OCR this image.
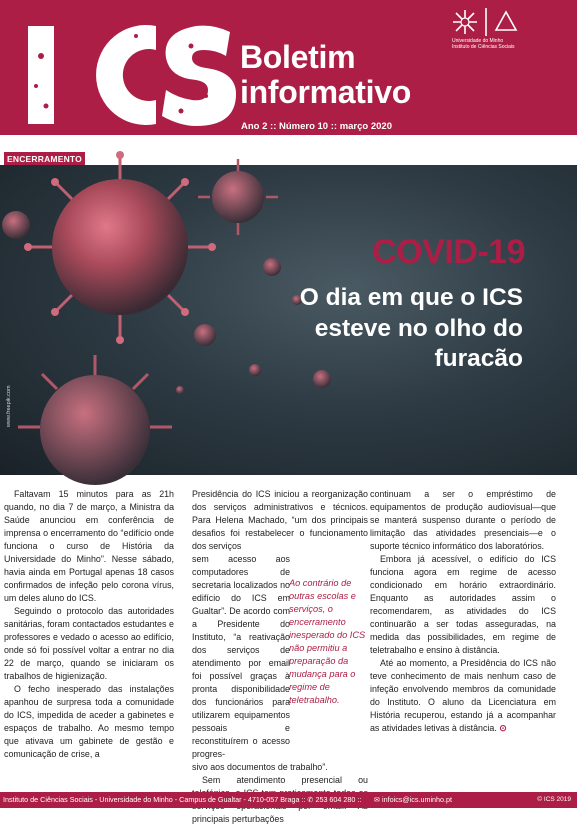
ICS
Boletim
informativo
Ano 2 :: Número 10 :: março 2020
Universidade do Minho
Instituto de Ciências Sociais
ENCERRAMENTO
COVID-19
O dia em que o ICS esteve no olho do furacão
www.freepik.com

Faltavam 15 minutos para as 21h quando, no dia 7 de março, a Ministra da Saúde anunciou em conferência de imprensa o encerramento do “edifício onde funciona o curso de História da Universidade do Minho”. Nesse sábado, havia ainda em Portugal apenas 18 casos confirmados de infeção pelo corona vírus, um deles aluno do ICS.

Seguindo o protocolo das autoridades sanitárias, foram contactados estudantes e professores e vedado o acesso ao edifício, onde só foi possível voltar a entrar no dia 22 de março, quando se iniciaram os trabalhos de higienização.

O fecho inesperado das instalações apanhou de surpresa toda a comunidade do ICS, impedida de aceder a gabinetes e espaços de trabalho. Ao mesmo tempo que ativava um gabinete de gestão e comunicação de crise, a

Presidência do ICS iniciou a reorganização dos serviços administrativos e técnicos. Para Helena Machado, “um dos principais desafios foi restabelecer o funcionamento dos serviços

sem acesso aos computadores de secretaria localizados no edifício do ICS em Gualtar”. De acordo com a Presidente do Instituto, “a reativação dos serviços de atendimento por email foi possível graças à pronta disponibilidade dos funcionários para utilizarem equipamentos pessoais e reconstituírem o acesso progres-

sivo aos documentos de trabalho”.

Sem atendimento presencial ou principais perturbações

Ao contrário de outras escolas e serviços, o encerramento inesperado do ICS não permitiu a preparação da mudança para o regime de teletrabalho.

continuam a ser o empréstimo de equipamentos de produção audiovisual—que se manterá suspenso durante o período de limitação das atividades presenciais—e o suporte técnico informático dos laboratórios.

Embora já acessível, o edifício do ICS funciona agora em regime de acesso condicionado em horário extraordinário. Enquanto as autoridades assim o recomendarem, as atividades do ICS continuarão a ser todas asseguradas, na medida das possibilidades, em regime de teletrabalho e ensino à distância.

Até ao momento, a Presidência do ICS não teve conhecimento de mais nenhum caso de infeção envolvendo membros da comunidade do Instituto. O aluno da Licenciatura em História recuperou, estando já a acompanhar as atividades letivas à distância. ⊙

Instituto de Ciências Sociais - Universidade do Minho - Campus de Gualtar - 4710-057 Braga :: ✆ 253 604 280 :: ✉ infoics@ics.uminho.pt	© ICS 2019
